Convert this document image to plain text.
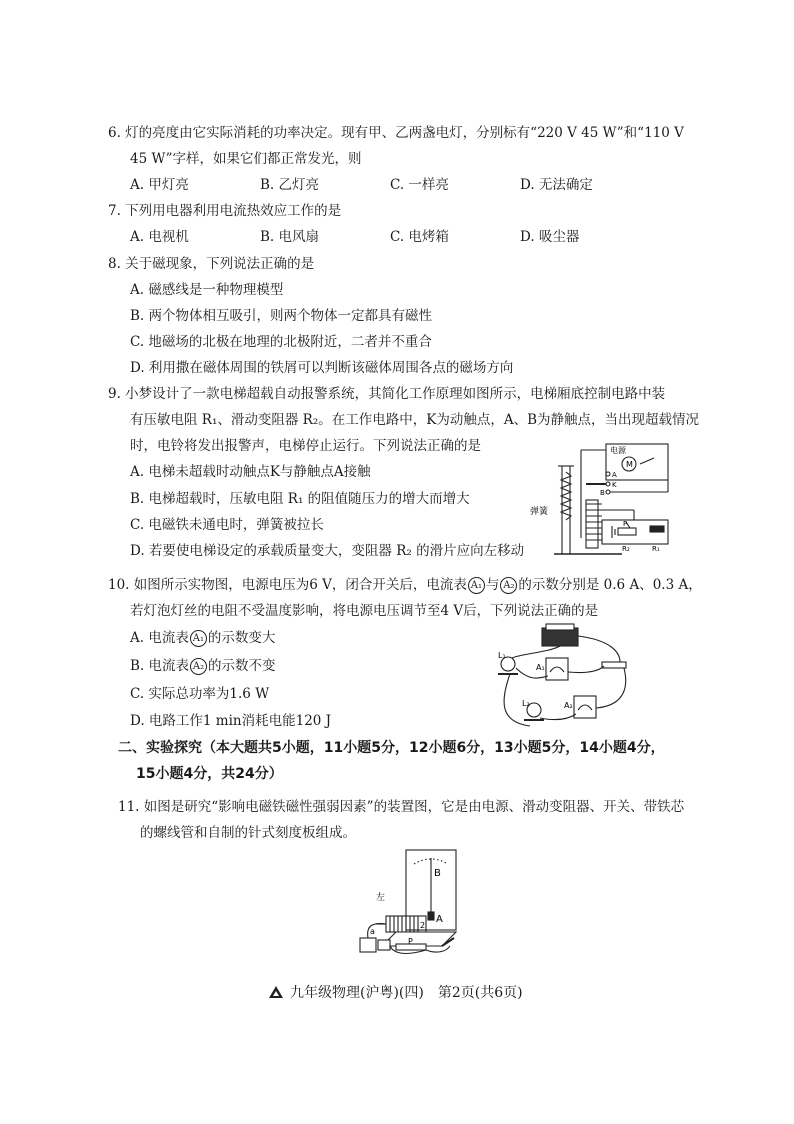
6. 灯的亮度由它实际消耗的功率决定。现有甲、乙两盏电灯，分别标有“220 V 45 W”和“110 V
45 W”字样，如果它们都正常发光，则
A. 甲灯亮	B. 乙灯亮	C. 一样亮	D. 无法确定
7. 下列用电器利用电流热效应工作的是
A. 电视机	B. 电风扇	C. 电烤箱	D. 吸尘器
8. 关于磁现象，下列说法正确的是
A. 磁感线是一种物理模型
B. 两个物体相互吸引，则两个物体一定都具有磁性
C. 地磁场的北极在地理的北极附近，二者并不重合
D. 利用撒在磁体周围的铁屑可以判断该磁体周围各点的磁场方向
9. 小梦设计了一款电梯超载自动报警系统，其简化工作原理如图所示，电梯厢底控制电路中装
有压敏电阻 R₁、滑动变阻器 R₂。在工作电路中，K为动触点，A、B为静触点，当出现超载情况
时，电铃将发出报警声，电梯停止运行。下列说法正确的是
A. 电梯未超载时动触点K与静触点A接触
B. 电梯超载时，压敏电阻 R₁ 的阻值随压力的增大而增大
C. 电磁铁未通电时，弹簧被拉长
D. 若要使电梯设定的承载质量变大，变阻器 R₂ 的滑片应向左移动
电源
M
A
K
B
弹簧
P
R₂	R₁
10. 如图所示实物图，电源电压为6 V，闭合开关后，电流表 A₁ 与 A₂ 的示数分别是 0.6 A、0.3 A，
若灯泡灯丝的电阻不受温度影响，将电源电压调节至4 V后，下列说法正确的是
A. 电流表 A₁ 的示数变大
B. 电流表 A₂ 的示数不变
C. 实际总功率为1.6 W
D. 电路工作1 min消耗电能120 J
L₁
L₂
A₁
A₂
二、实验探究（本大题共5小题，11小题5分，12小题6分，13小题5分，14小题4分，
15小题4分，共24分）
11. 如图是研究“影响电磁铁磁性强弱因素”的装置图，它是由电源、滑动变阻器、开关、带铁芯
的螺线管和自制的针式刻度板组成。
左
B
A
a
P
2
九年级物理(沪粤)(四) 第2页(共6页)
